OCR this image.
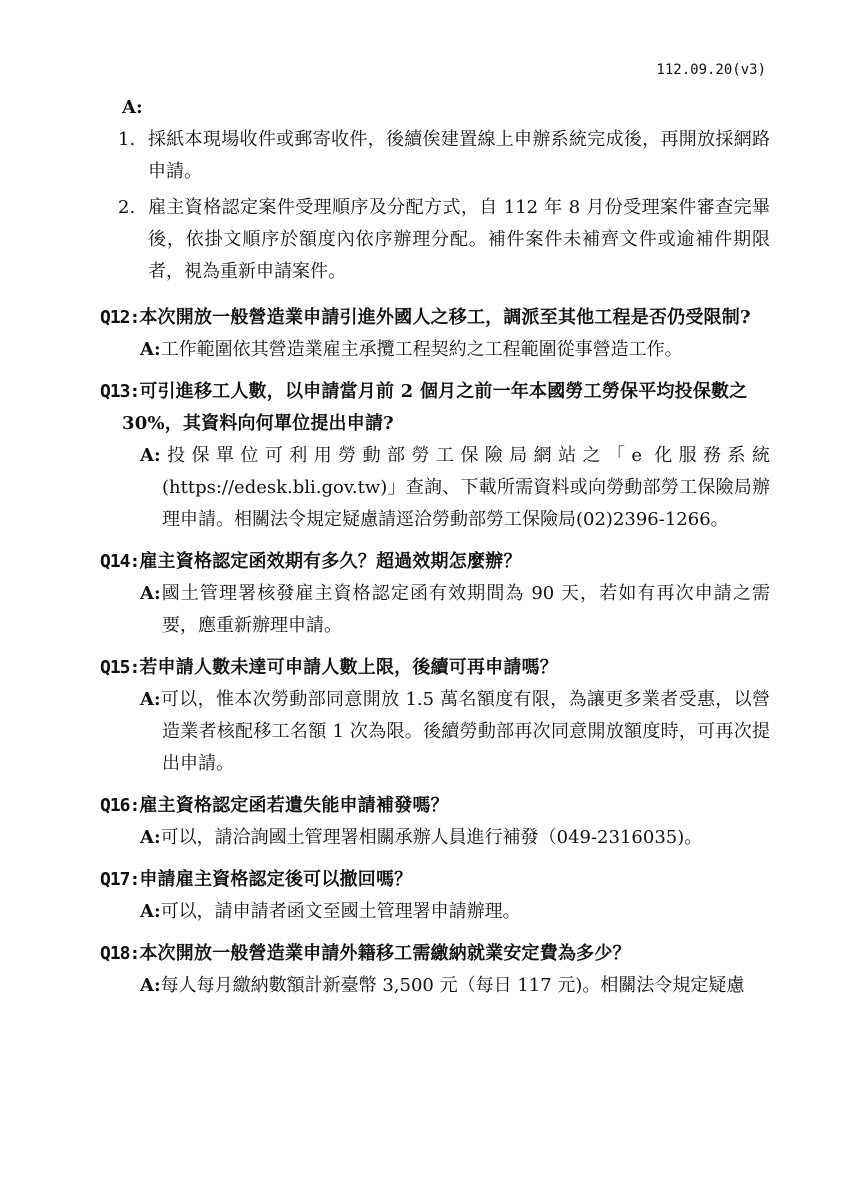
112.09.20(v3)
A:
1. 採紙本現場收件或郵寄收件，後續俟建置線上申辦系統完成後，再開放採網路申請。
2. 雇主資格認定案件受理順序及分配方式，自 112 年 8 月份受理案件審查完畢後，依掛文順序於額度內依序辦理分配。補件案件未補齊文件或逾補件期限者，視為重新申請案件。
Q12:本次開放一般營造業申請引進外國人之移工，調派至其他工程是否仍受限制?
A:工作範圍依其營造業雇主承攬工程契約之工程範圍從事營造工作。
Q13:可引進移工人數，以申請當月前 2 個月之前一年本國勞工勞保平均投保數之 30%，其資料向何單位提出申請?
A:投保單位可利用勞動部勞工保險局網站之「e 化服務系統(https://edesk.bli.gov.tw)」查詢、下載所需資料或向勞動部勞工保險局辦理申請。相關法令規定疑慮請逕洽勞動部勞工保險局(02)2396-1266。
Q14:雇主資格認定函效期有多久？超過效期怎麼辦？
A:國土管理署核發雇主資格認定函有效期間為 90 天，若如有再次申請之需要，應重新辦理申請。
Q15:若申請人數未達可申請人數上限，後續可再申請嗎？
A:可以，惟本次勞動部同意開放 1.5 萬名額度有限，為讓更多業者受惠，以營造業者核配移工名額 1 次為限。後續勞動部再次同意開放額度時，可再次提出申請。
Q16:雇主資格認定函若遺失能申請補發嗎？
A:可以，請洽詢國土管理署相關承辦人員進行補發（049-2316035)。
Q17:申請雇主資格認定後可以撤回嗎？
A:可以，請申請者函文至國土管理署申請辦理。
Q18:本次開放一般營造業申請外籍移工需繳納就業安定費為多少？
A:每人每月繳納數額計新臺幣 3,500 元（每日 117 元)。相關法令規定疑慮
